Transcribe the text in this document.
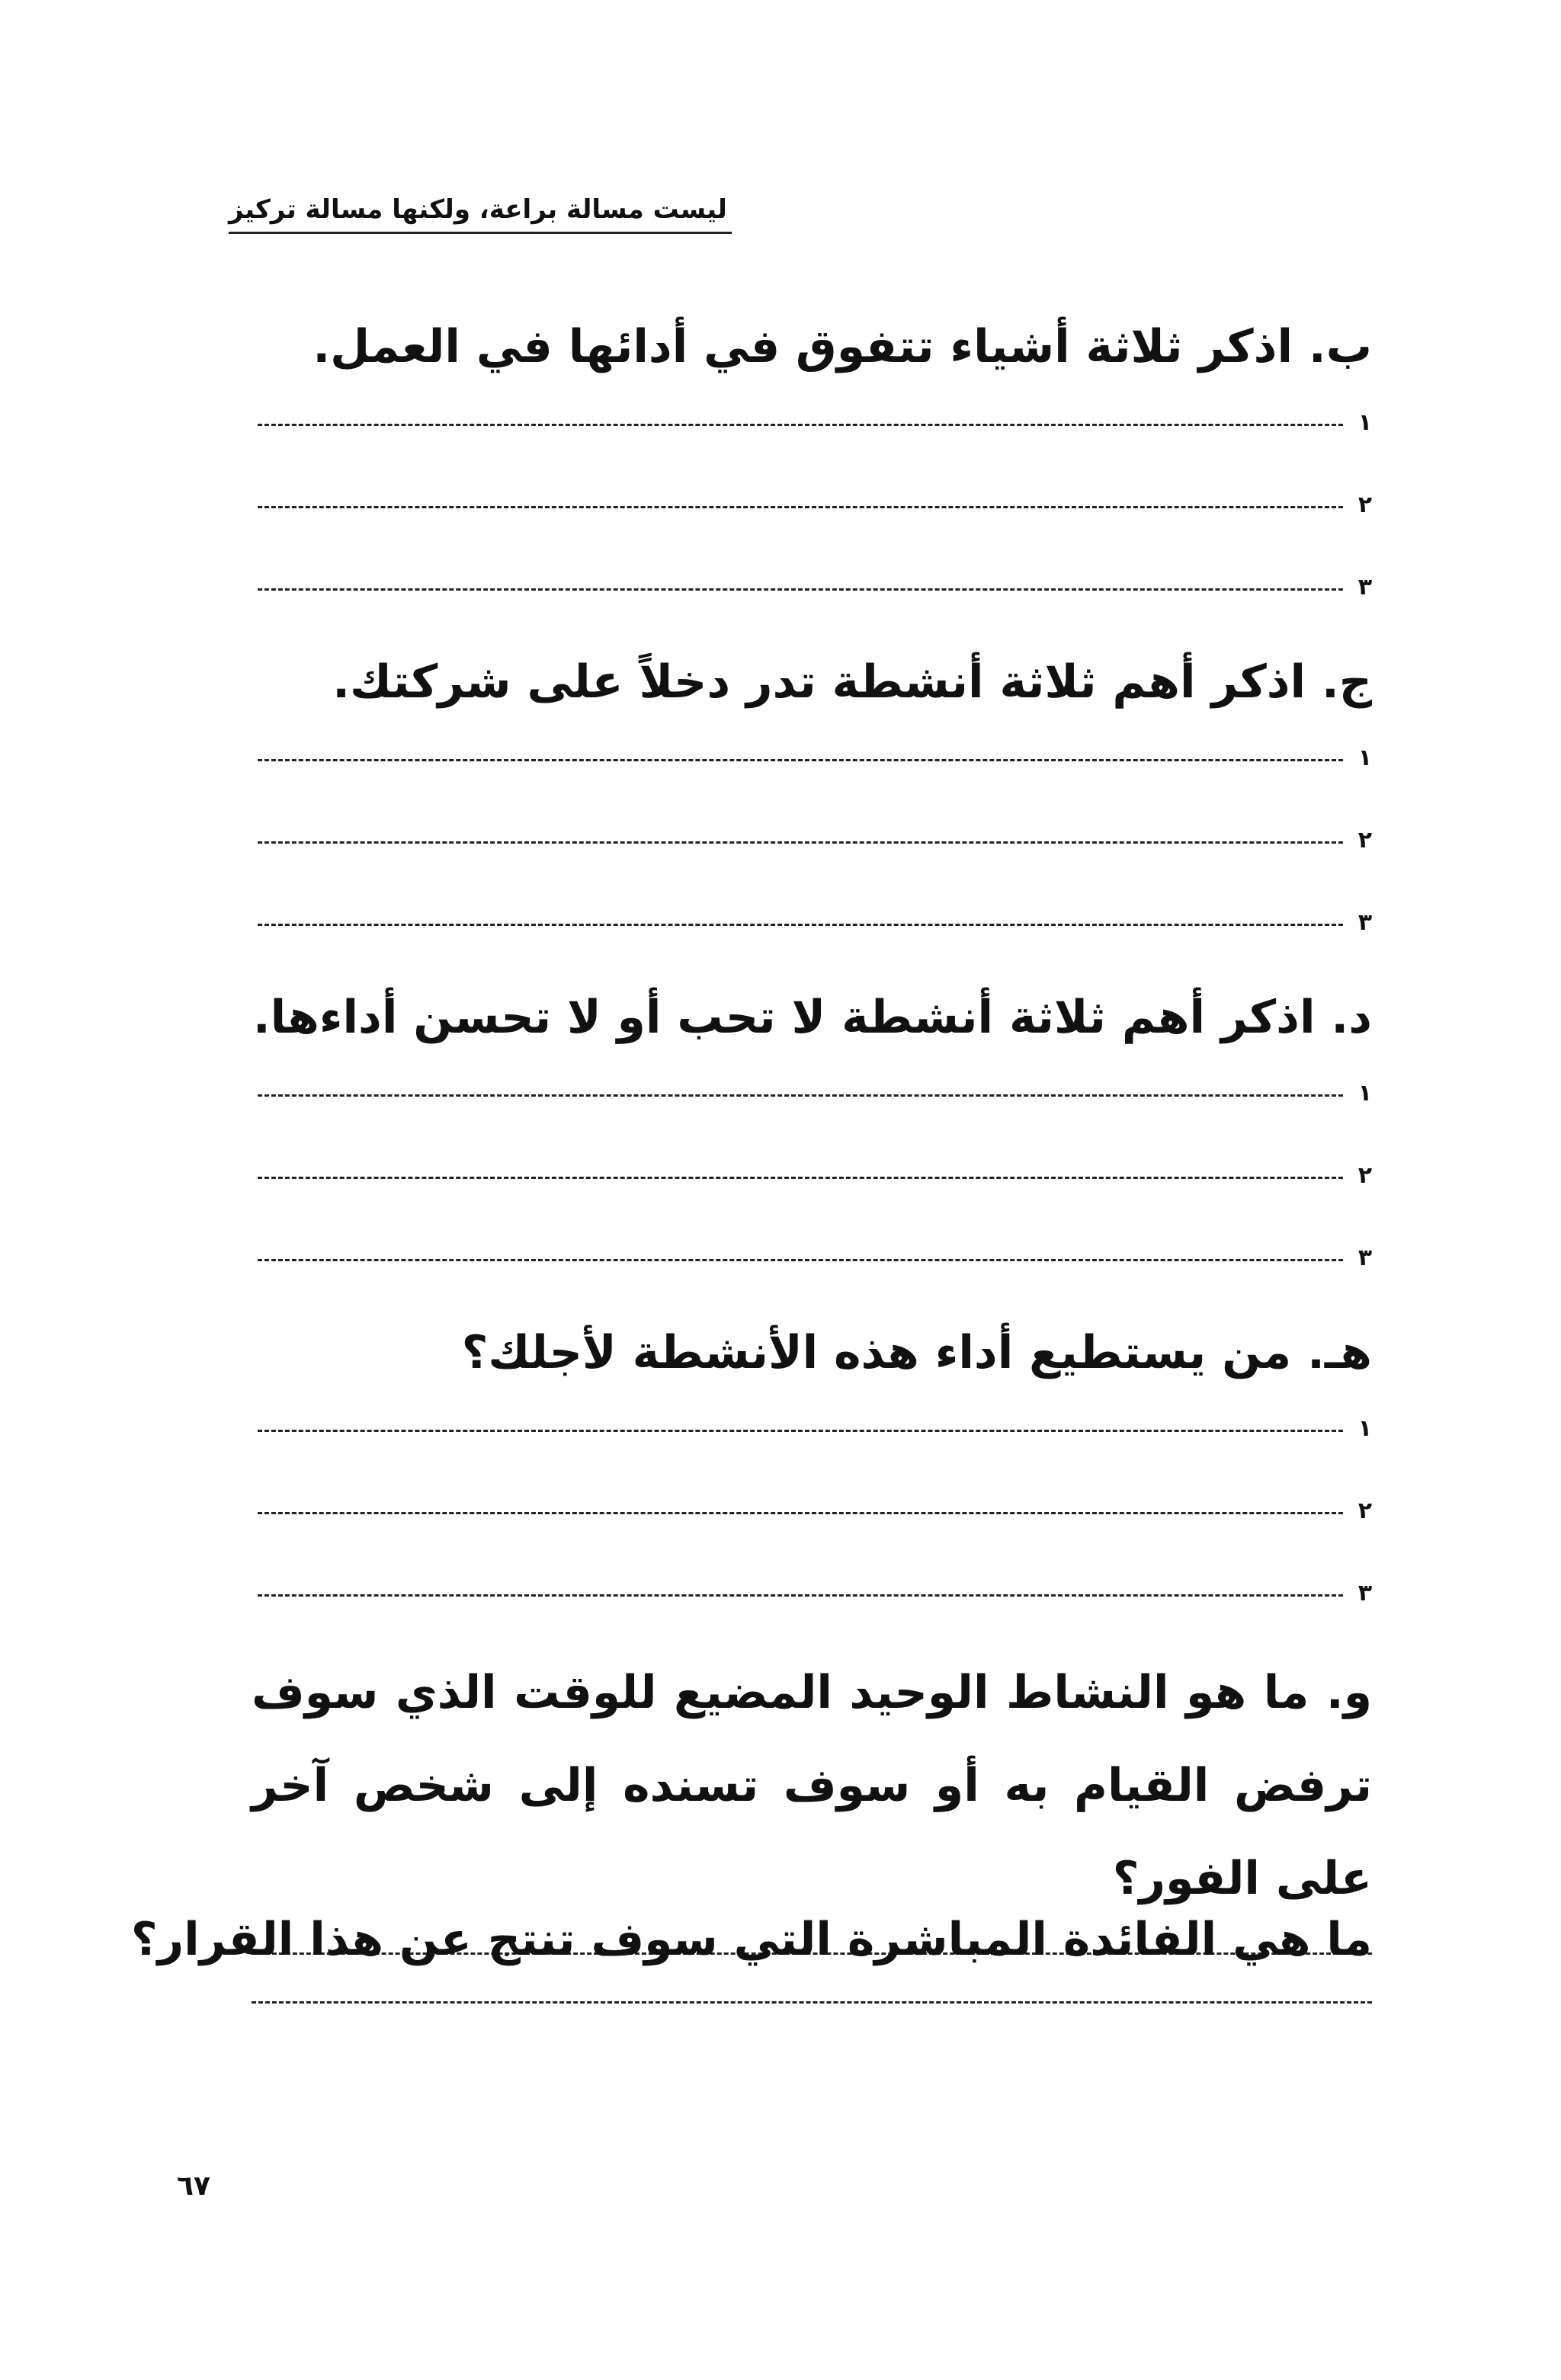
ليست مسالة براعة، ولكنها مسالة تركيز
ب. اذكر ثلاثة أشياء تتفوق في أدائها في العمل.
١
٢
٣
ج. اذكر أهم ثلاثة أنشطة تدر دخلاً على شركتك.
١
٢
٣
د. اذكر أهم ثلاثة أنشطة لا تحب أو لا تحسن أداءها.
١
٢
٣
هـ. من يستطيع أداء هذه الأنشطة لأجلك؟
١
٢
٣
و. ما هو النشاط الوحيد المضيع للوقت الذي سوف ترفض القيام به أو سوف تسنده إلى شخص آخر على الفور؟
ما هي الفائدة المباشرة التي سوف تنتج عن هذا القرار؟
٦٧
